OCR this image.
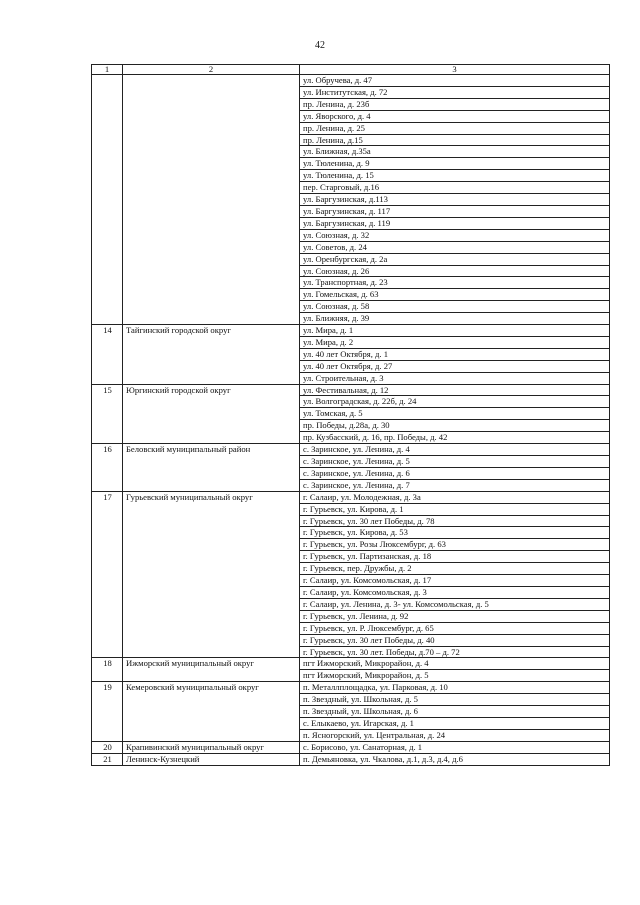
42
1	2	3
		ул. Обручева, д. 47
		ул. Институтская, д. 72
		пр. Ленина, д. 23б
		ул. Яворского, д. 4
		пр. Ленина, д. 25
		пр. Ленина, д.15
		ул. Ближная, д.35а
		ул. Тюленина, д. 9
		ул. Тюленина, д. 15
		пер. Старговый, д.16
		ул. Баргузинская, д.113
		ул. Баргузинская, д. 117
		ул. Баргузинская, д. 119
		ул. Союзная, д. 32
		ул. Советов, д. 24
		ул. Оренбургская, д. 2а
		ул. Союзная, д. 26
		ул. Транспортная, д. 23
		ул. Гомельская, д. 63
		ул. Союзная, д. 58
		ул. Ближняя, д. 39
14	Тайгинский городской округ	ул. Мира, д. 1
		ул. Мира, д. 2
		ул. 40 лет Октября, д. 1
		ул. 40 лет Октября, д. 27
		ул. Строительная, д. 3
15	Юргинский городской округ	ул. Фестивальная, д. 12
		ул. Волгоградская, д. 22б, д. 24
		ул. Томская, д. 5
		пр. Победы, д.28а, д. 30
		пр. Кузбасский, д. 16, пр. Победы, д. 42
16	Беловский муниципальный район	с. Заринское, ул. Ленина, д. 4
		с. Заринское, ул. Ленина, д. 5
		с. Заринское, ул. Ленина, д. 6
		с. Заринское, ул. Ленина, д. 7
17	Гурьевский муниципальный округ	г. Салаир, ул. Молодежная, д. 3а
		г. Гурьевск, ул. Кирова, д. 1
		г. Гурьевск, ул. 30 лет Победы, д. 78
		г. Гурьевск, ул. Кирова, д. 53
		г. Гурьевск, ул. Розы Люксембург, д. 63
		г. Гурьевск, ул. Партизанская, д. 18
		г. Гурьевск, пер. Дружбы, д. 2
		г. Салаир, ул. Комсомольская, д. 17
		г. Салаир, ул. Комсомольская, д. 3
		г. Салаир, ул. Ленина, д. 3- ул. Комсомольская, д. 5
		г. Гурьевск, ул. Ленина, д. 92
		г. Гурьевск, ул. Р. Люксембург, д. 65
		г. Гурьевск, ул. 30 лет Победы, д. 40
		г. Гурьевск, ул. 30 лет. Победы, д.70 – д. 72
18	Ижморский муниципальный округ	пгт Ижморский, Микрорайон, д. 4
		пгт Ижморский, Микрорайон, д. 5
19	Кемеровский муниципальный округ	п. Металлплощадка, ул. Парковая, д. 10
		п. Звездный, ул. Школьная, д. 5
		п. Звездный, ул. Школьная, д. 6
		с. Елыкаево, ул. Игарская, д. 1
		п. Ясногорский, ул. Центральная, д. 24
20	Крапивинский муниципальный округ	с. Борисово, ул. Санаторная, д. 1
21	Ленинск-Кузнецкий	п. Демьяновка, ул. Чкалова, д.1, д.3, д.4, д.6
